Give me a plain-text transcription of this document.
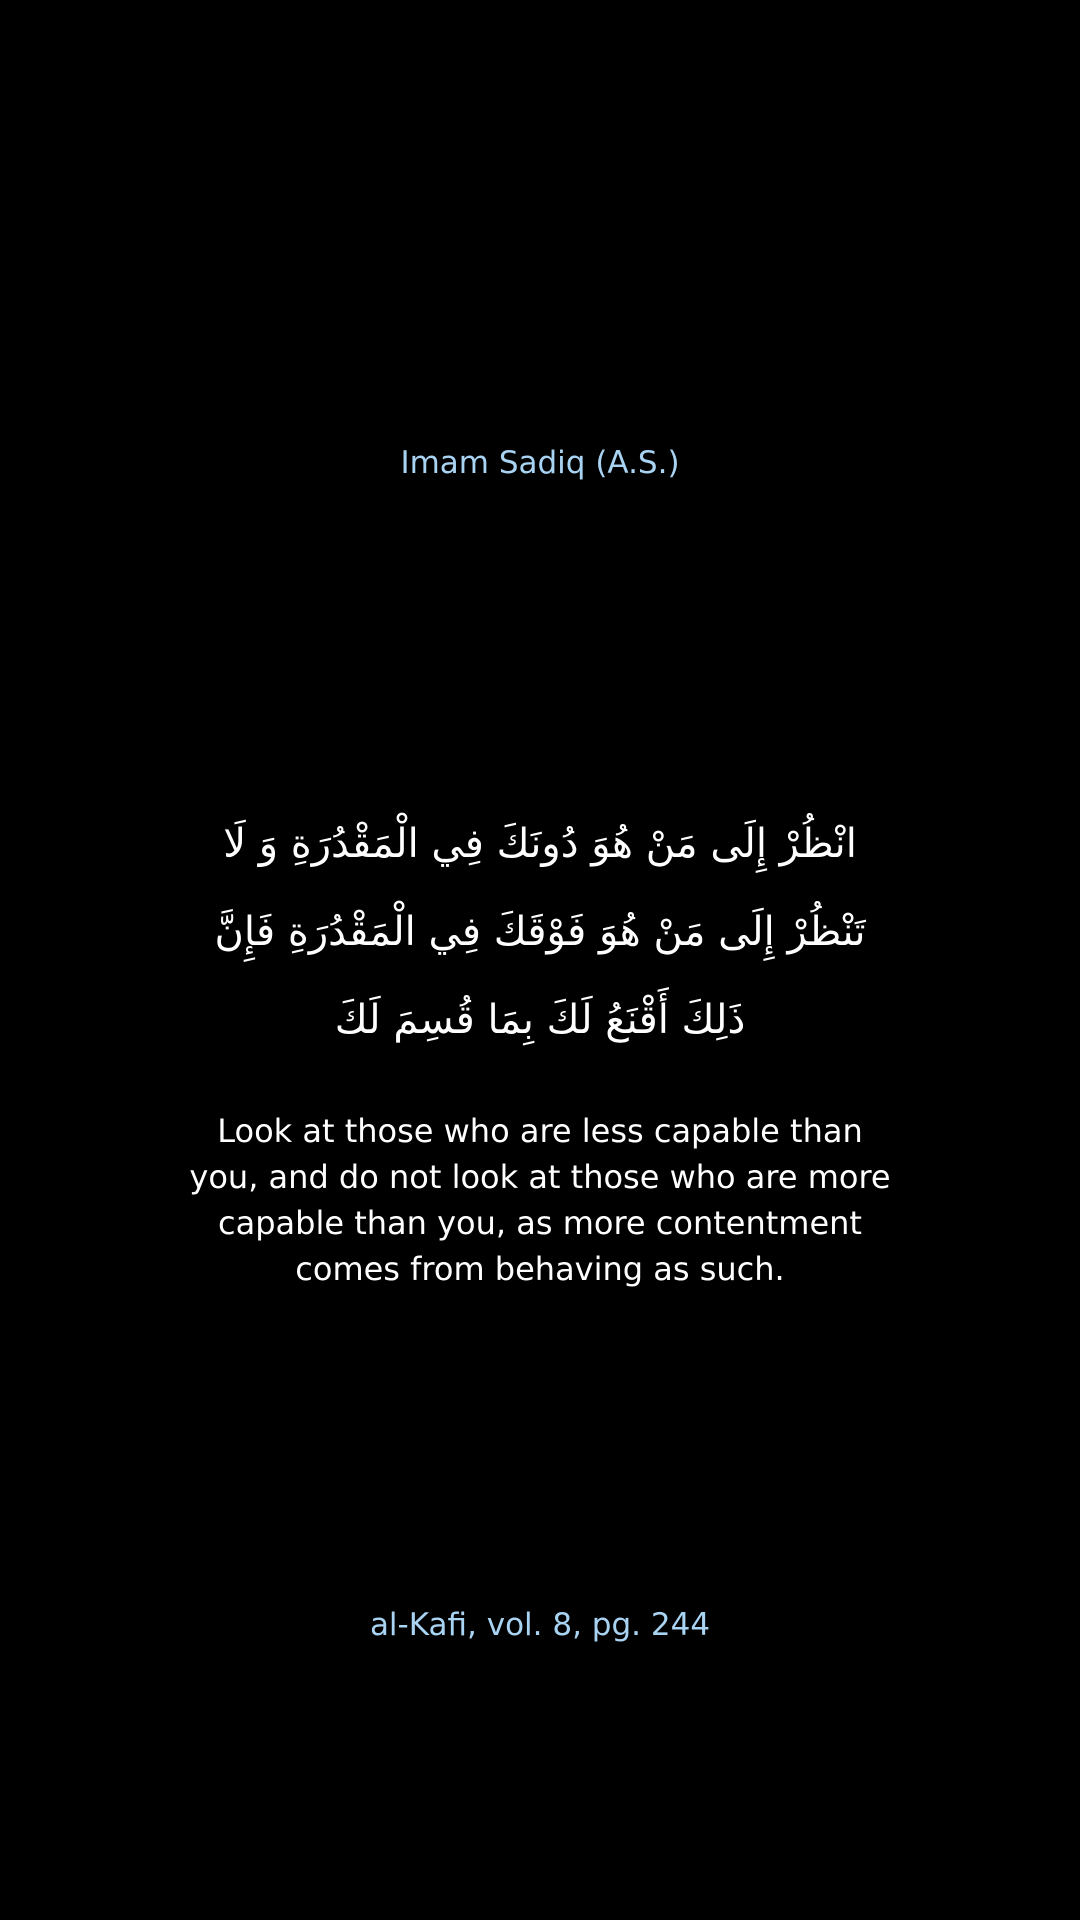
Imam Sadiq (A.S.)
انْظُرْ إِلَى مَنْ هُوَ دُونَكَ فِي الْمَقْدُرَةِ وَ لَا تَنْظُرْ إِلَى مَنْ هُوَ فَوْقَكَ فِي الْمَقْدُرَةِ فَإِنَّ ذَلِكَ أَقْنَعُ لَكَ بِمَا قُسِمَ لَكَ
Look at those who are less capable than you, and do not look at those who are more capable than you, as more contentment comes from behaving as such.
al-Kafi, vol. 8, pg. 244
